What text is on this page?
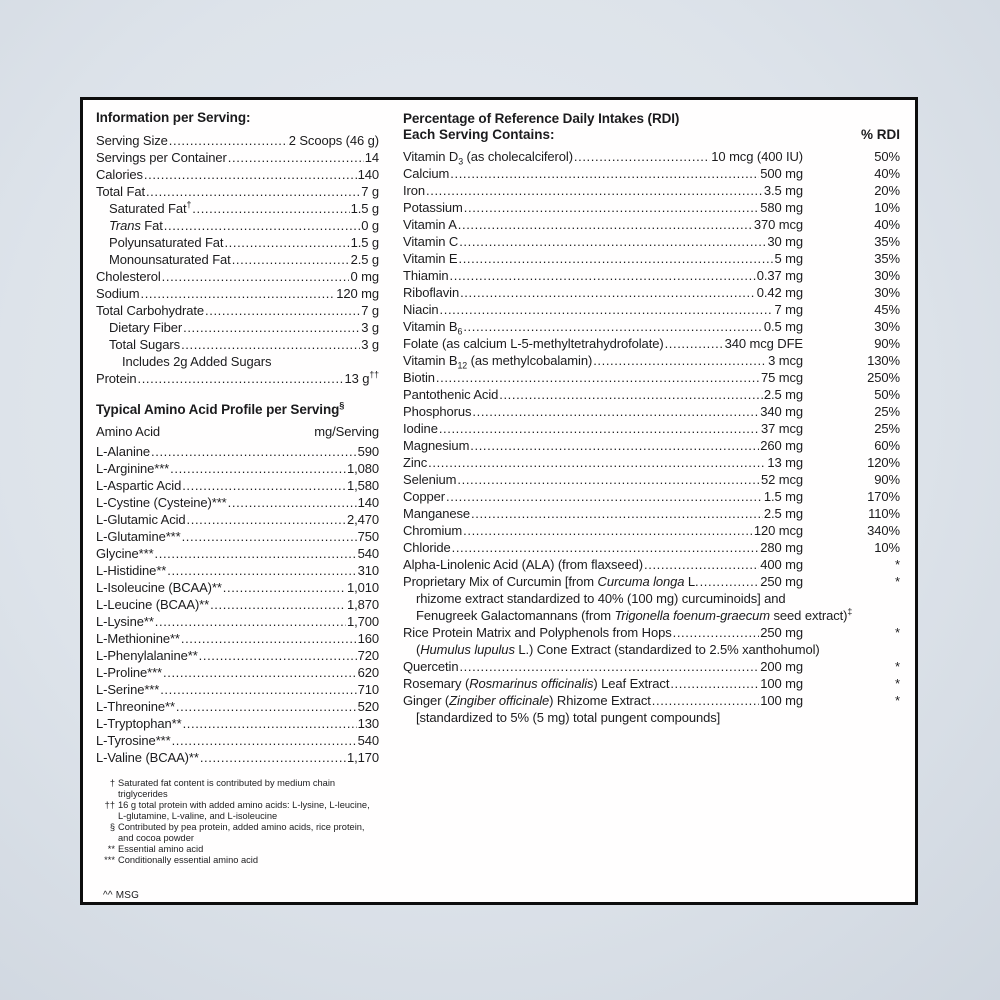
Information per Serving:
Serving Size .....	2 Scoops (46 g)
Servings per Container .....	14
Calories .....	140
Total Fat .....	7 g
Saturated Fat† .....	1.5 g
Trans Fat .....	0 g
Polyunsaturated Fat .....	1.5 g
Monounsaturated Fat .....	2.5 g
Cholesterol .....	0 mg
Sodium .....	120 mg
Total Carbohydrate .....	7 g
Dietary Fiber .....	3 g
Total Sugars .....	3 g
Includes 2g Added Sugars
Protein .....	13 g††
Typical Amino Acid Profile per Serving§
Amino Acid	mg/Serving
L-Alanine .....	590
L-Arginine*** .....	1,080
L-Aspartic Acid .....	1,580
L-Cystine (Cysteine)*** .....	140
L-Glutamic Acid .....	2,470
L-Glutamine*** .....	750
Glycine*** .....	540
L-Histidine** .....	310
L-Isoleucine (BCAA)** .....	1,010
L-Leucine (BCAA)** .....	1,870
L-Lysine** .....	1,700
L-Methionine** .....	160
L-Phenylalanine** .....	720
L-Proline*** .....	620
L-Serine*** .....	710
L-Threonine** .....	520
L-Tryptophan** .....	130
L-Tyrosine*** .....	540
L-Valine (BCAA)** .....	1,170
† Saturated fat content is contributed by medium chain triglycerides
†† 16 g total protein with added amino acids: L-lysine, L-leucine, L-glutamine, L-valine, and L-isoleucine
§ Contributed by pea protein, added amino acids, rice protein, and cocoa powder
** Essential amino acid
*** Conditionally essential amino acid
^^ MSG
Percentage of Reference Daily Intakes (RDI)
Each Serving Contains:	% RDI
Vitamin $D_3$ (as cholecalciferol) .....	10 mcg (400 IU)	50%
Calcium .....	500 mg	40%
Iron .....	3.5 mg	20%
Potassium .....	580 mg	10%
Vitamin A .....	370 mcg	40%
Vitamin C .....	30 mg	35%
Vitamin E .....	5 mg	35%
Thiamin .....	0.37 mg	30%
Riboflavin .....	0.42 mg	30%
Niacin .....	7 mg	45%
Vitamin $B_6$ .....	0.5 mg	30%
Folate (as calcium L-5-methyltetrahydrofolate) .....	340 mcg DFE	90%
Vitamin $B_{12}$ (as methylcobalamin) .....	3 mcg	130%
Biotin .....	75 mcg	250%
Pantothenic Acid .....	2.5 mg	50%
Phosphorus .....	340 mg	25%
Iodine .....	37 mcg	25%
Magnesium .....	260 mg	60%
Zinc .....	13 mg	120%
Selenium .....	52 mcg	90%
Copper .....	1.5 mg	170%
Manganese .....	2.5 mg	110%
Chromium .....	120 mcg	340%
Chloride .....	280 mg	10%
Alpha-Linolenic Acid (ALA) (from flaxseed) .....	400 mg	*
Proprietary Mix of Curcumin [from Curcuma longa L. .....	250 mg	*
rhizome extract standardized to 40% (100 mg) curcuminoids] and
Fenugreek Galactomannans (from Trigonella foenum-graecum seed extract)‡
Rice Protein Matrix and Polyphenols from Hops .....	250 mg	*
(Humulus lupulus L.) Cone Extract (standardized to 2.5% xanthohumol)
Quercetin .....	200 mg	*
Rosemary (Rosmarinus officinalis) Leaf Extract .....	100 mg	*
Ginger (Zingiber officinale) Rhizome Extract .....	100 mg	*
[standardized to 5% (5 mg) total pungent compounds]
